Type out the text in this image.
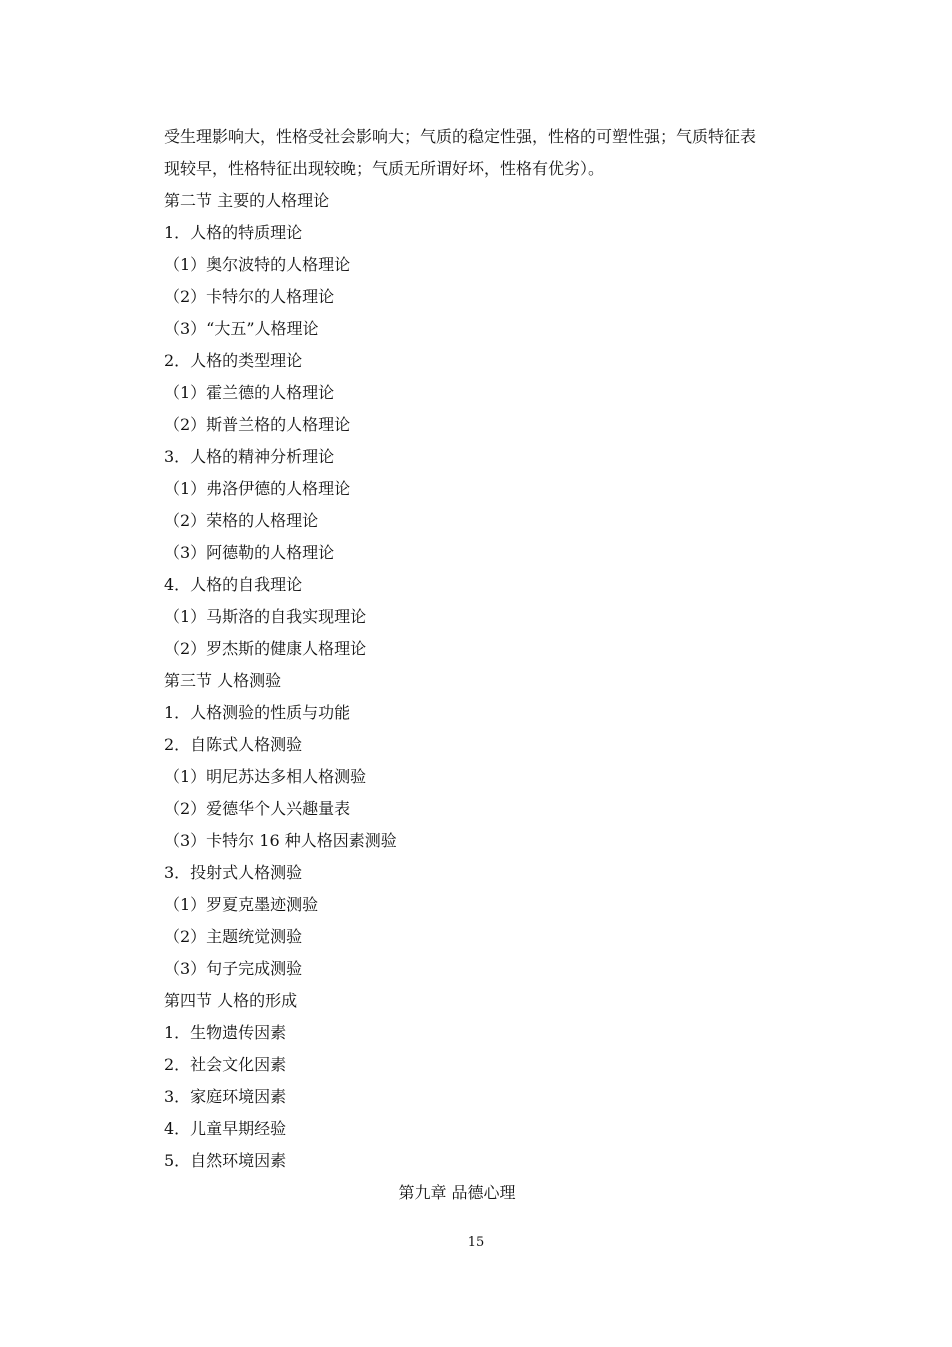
受生理影响大，性格受社会影响大；气质的稳定性强，性格的可塑性强；气质特征表
现较早，性格特征出现较晚；气质无所谓好坏，性格有优劣）。
第二节 主要的人格理论
1．人格的特质理论
（1）奥尔波特的人格理论
（2）卡特尔的人格理论
（3）“大五”人格理论
2．人格的类型理论
（1）霍兰德的人格理论
（2）斯普兰格的人格理论
3．人格的精神分析理论
（1）弗洛伊德的人格理论
（2）荣格的人格理论
（3）阿德勒的人格理论
4．人格的自我理论
（1）马斯洛的自我实现理论
（2）罗杰斯的健康人格理论
第三节 人格测验
1．人格测验的性质与功能
2．自陈式人格测验
（1）明尼苏达多相人格测验
（2）爱德华个人兴趣量表
（3）卡特尔 16 种人格因素测验
3．投射式人格测验
（1）罗夏克墨迹测验
（2）主题统觉测验
（3）句子完成测验
第四节 人格的形成
1．生物遗传因素
2．社会文化因素
3．家庭环境因素
4．儿童早期经验
5．自然环境因素
第九章 品德心理
15
